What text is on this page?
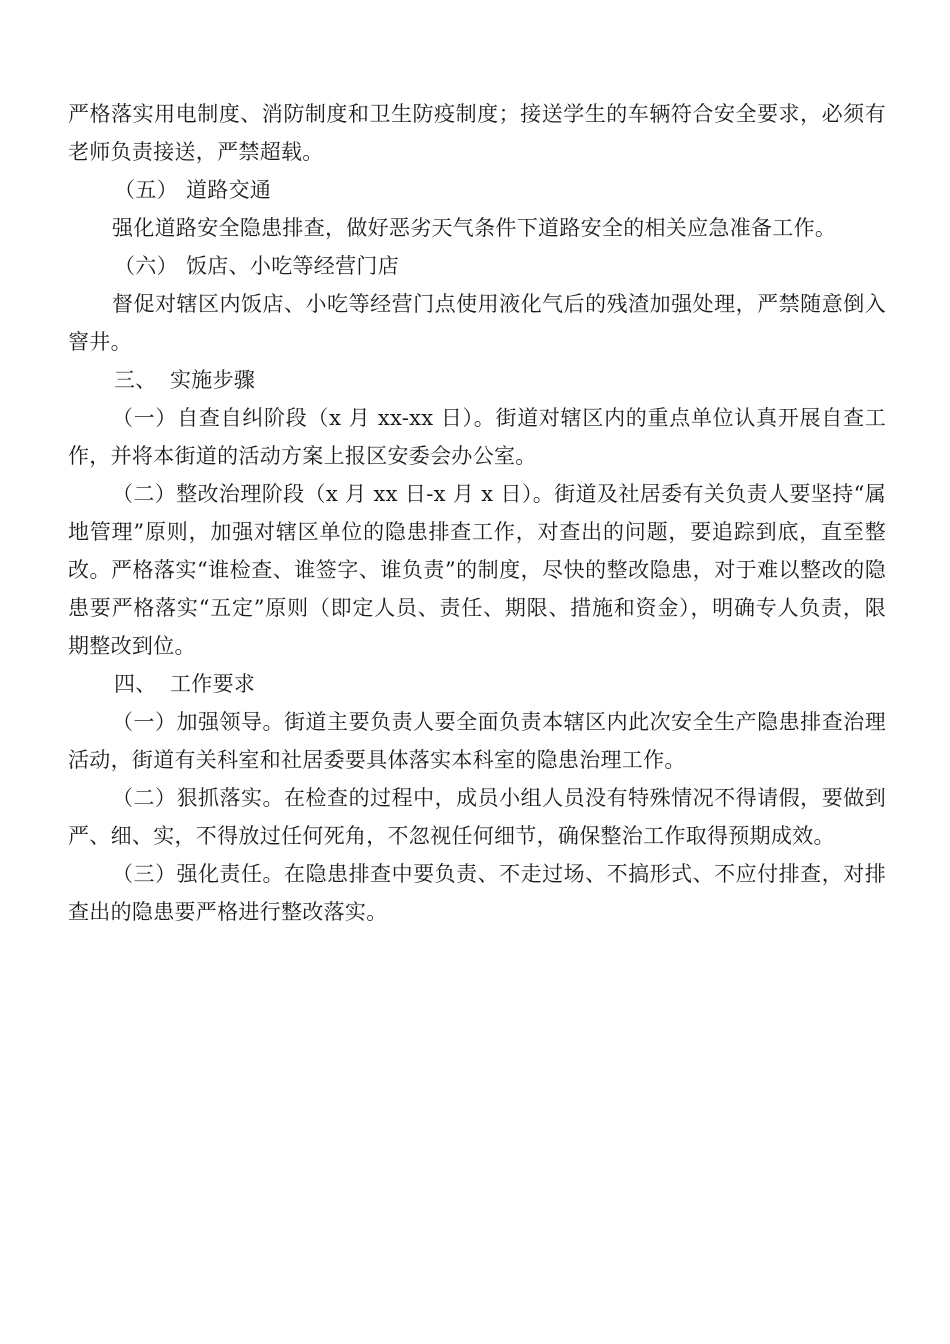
严格落实用电制度、消防制度和卫生防疫制度；接送学生的车辆符合安全要求，必须有老师负责接送，严禁超载。

（五） 道路交通

强化道路安全隐患排查，做好恶劣天气条件下道路安全的相关应急准备工作。

（六） 饭店、小吃等经营门店

督促对辖区内饭店、小吃等经营门点使用液化气后的残渣加强处理，严禁随意倒入窨井。

三、 实施步骤

（一）自查自纠阶段（x 月 xx-xx 日）。街道对辖区内的重点单位认真开展自查工作，并将本街道的活动方案上报区安委会办公室。

（二）整改治理阶段（x 月 xx 日-x 月 x 日）。街道及社居委有关负责人要坚持“属地管理”原则，加强对辖区单位的隐患排查工作，对查出的问题，要追踪到底，直至整改。严格落实“谁检查、谁签字、谁负责”的制度，尽快的整改隐患，对于难以整改的隐患要严格落实“五定”原则（即定人员、责任、期限、措施和资金），明确专人负责，限期整改到位。

四、 工作要求

（一）加强领导。街道主要负责人要全面负责本辖区内此次安全生产隐患排查治理活动，街道有关科室和社居委要具体落实本科室的隐患治理工作。

（二）狠抓落实。在检查的过程中，成员小组人员没有特殊情况不得请假，要做到严、细、实，不得放过任何死角，不忽视任何细节，确保整治工作取得预期成效。

（三）强化责任。在隐患排查中要负责、不走过场、不搞形式、不应付排查，对排查出的隐患要严格进行整改落实。
